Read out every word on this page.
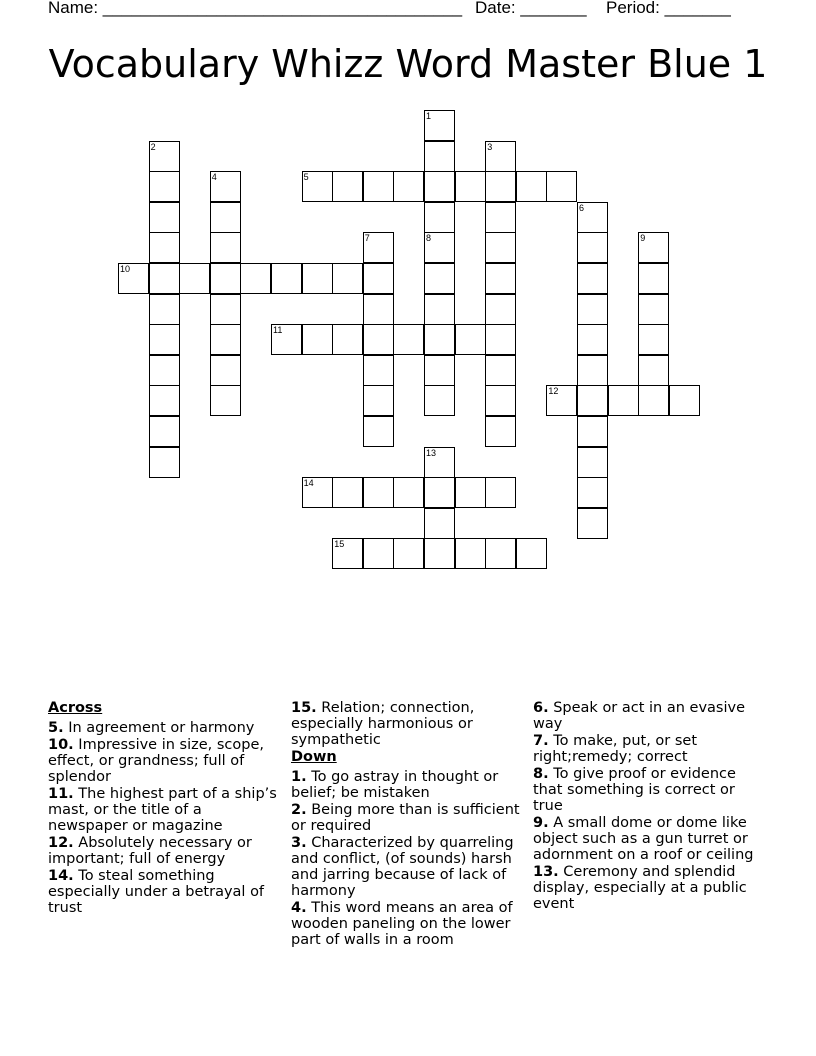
Name: ______________________________________ Date: _______ Period: _______
Vocabulary Whizz Word Master Blue 1
1
8
2	3
4	5
6
7	9
10
11
12
13
14
15
Across
5. In agreement or harmony
10. Impressive in size, scope, effect, or grandness; full of splendor
11. The highest part of a ship’s mast, or the title of a newspaper or magazine
12. Absolutely necessary or important; full of energy
14. To steal something especially under a betrayal of trust
15. Relation; connection, especially harmonious or sympathetic
Down
1. To go astray in thought or belief; be mistaken
2. Being more than is sufficient or required
3. Characterized by quarreling and conflict, (of sounds) harsh and jarring because of lack of harmony
4. This word means an area of wooden paneling on the lower part of walls in a room
6. Speak or act in an evasive way
7. To make, put, or set right;remedy; correct
8. To give proof or evidence that something is correct or true
9. A small dome or dome like object such as a gun turret or adornment on a roof or ceiling
13. Ceremony and splendid display, especially at a public event
